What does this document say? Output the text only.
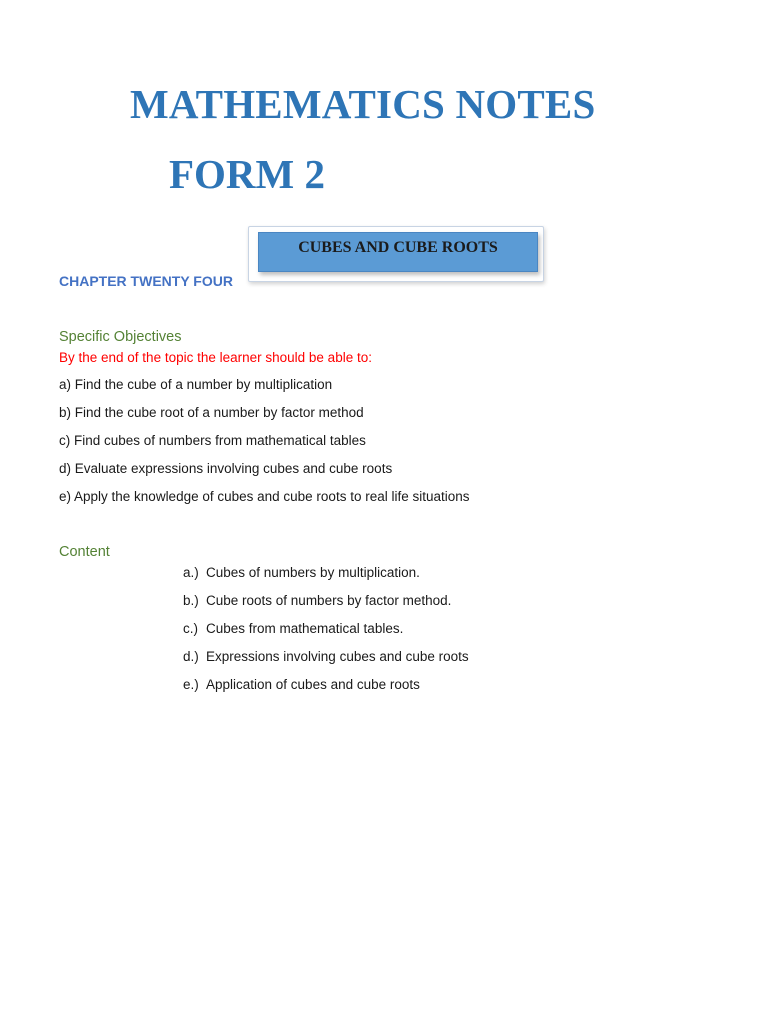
MATHEMATICS NOTES
FORM 2
CUBES AND CUBE ROOTS
CHAPTER TWENTY FOUR
Specific Objectives
By the end of the topic the learner should be able to:
a) Find the cube of a number by multiplication
b) Find the cube root of a number by factor method
c) Find cubes of numbers from mathematical tables
d) Evaluate expressions involving cubes and cube roots
e) Apply the knowledge of cubes and cube roots to real life situations
Content
a.) Cubes of numbers by multiplication.
b.) Cube roots of numbers by factor method.
c.) Cubes from mathematical tables.
d.) Expressions involving cubes and cube roots
e.) Application of cubes and cube roots
